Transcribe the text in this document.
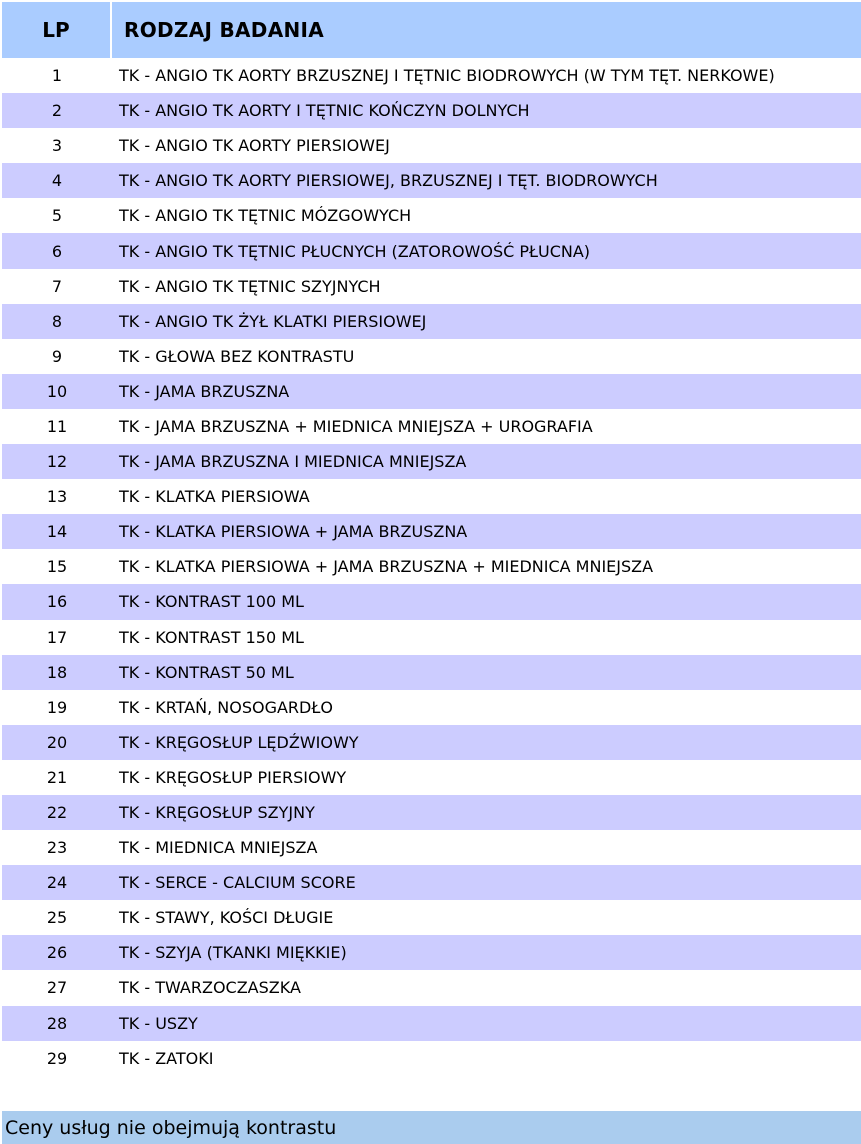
LP	RODZAJ BADANIA
1	TK - ANGIO TK AORTY BRZUSZNEJ I TĘTNIC BIODROWYCH (W TYM TĘT. NERKOWE)
2	TK - ANGIO TK AORTY I TĘTNIC KOŃCZYN DOLNYCH
3	TK - ANGIO TK AORTY PIERSIOWEJ
4	TK - ANGIO TK AORTY PIERSIOWEJ, BRZUSZNEJ I TĘT. BIODROWYCH
5	TK - ANGIO TK TĘTNIC MÓZGOWYCH
6	TK - ANGIO TK TĘTNIC PŁUCNYCH (ZATOROWOŚĆ PŁUCNA)
7	TK - ANGIO TK TĘTNIC SZYJNYCH
8	TK - ANGIO TK ŻYŁ KLATKI PIERSIOWEJ
9	TK - GŁOWA BEZ KONTRASTU
10	TK - JAMA BRZUSZNA
11	TK - JAMA BRZUSZNA + MIEDNICA MNIEJSZA + UROGRAFIA
12	TK - JAMA BRZUSZNA I MIEDNICA MNIEJSZA
13	TK - KLATKA PIERSIOWA
14	TK - KLATKA PIERSIOWA + JAMA BRZUSZNA
15	TK - KLATKA PIERSIOWA + JAMA BRZUSZNA + MIEDNICA MNIEJSZA
16	TK - KONTRAST 100 ML
17	TK - KONTRAST 150 ML
18	TK - KONTRAST 50 ML
19	TK - KRTAŃ, NOSOGARDŁO
20	TK - KRĘGOSŁUP LĘDŹWIOWY
21	TK - KRĘGOSŁUP PIERSIOWY
22	TK - KRĘGOSŁUP SZYJNY
23	TK - MIEDNICA MNIEJSZA
24	TK - SERCE - CALCIUM SCORE
25	TK - STAWY, KOŚCI DŁUGIE
26	TK - SZYJA (TKANKI MIĘKKIE)
27	TK - TWARZOCZASZKA
28	TK - USZY
29	TK - ZATOKI
Ceny usług nie obejmują kontrastu
